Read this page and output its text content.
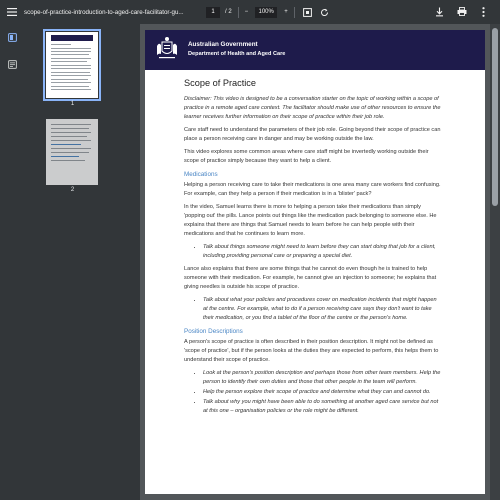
scope-of-practice-introduction-to-aged-care-facilitator-gu...	1	/ 2 −	100%	+
1
2
Australian Government
Department of Health and Aged Care
Scope of Practice

Disclaimer: This video is designed to be a conversation starter on the topic of working within a scope of practice in a remote aged care context. The facilitator should make use of other resources to ensure the learner receives further information on their scope of practice within their job role.

Care staff need to understand the parameters of their job role. Going beyond their scope of practice can place a person receiving care in danger and may be working outside the law.

This video explores some common areas where care staff might be invertedly working outside their scope of practice simply because they want to help a client.

Medications

Helping a person receiving care to take their medications is one area many care workers find confusing. For example, can they help a person if their medication is in a 'blister' pack?

In the video, Samuel learns there is more to helping a person take their medications than simply 'popping out' the pills. Lance points out things like the medication pack belonging to someone else. He explains that there are things that Samuel needs to learn before he can help people with their medications and that he continues to learn more.

• Talk about things someone might need to learn before they can start doing that job for a client, including providing personal care or preparing a special diet.

Lance also explains that there are some things that he cannot do even though he is trained to help someone with their medication. For example, he cannot give an injection to someone; he explains that giving needles is outside his scope of practice.

• Talk about what your policies and procedures cover on medication incidents that might happen at the centre. For example, what to do if a person receiving care says they don't want to take their medication, or you find a tablet of the floor of the centre or the person's home.
Position Descriptions

A person's scope of practice is often described in their position description. It might not be defined as 'scope of practice', but if the person looks at the duties they are expected to perform, this helps them to understand their scope of practice.

• Look at the person's position description and perhaps those from other team members. Help the person to identify their own duties and those that other people in the team will perform.
• Help the person explore their scope of practice and determine what they can and cannot do.
• Talk about why you might have been able to do something at another aged care service but not at this one – organisation policies or the role might be different.
